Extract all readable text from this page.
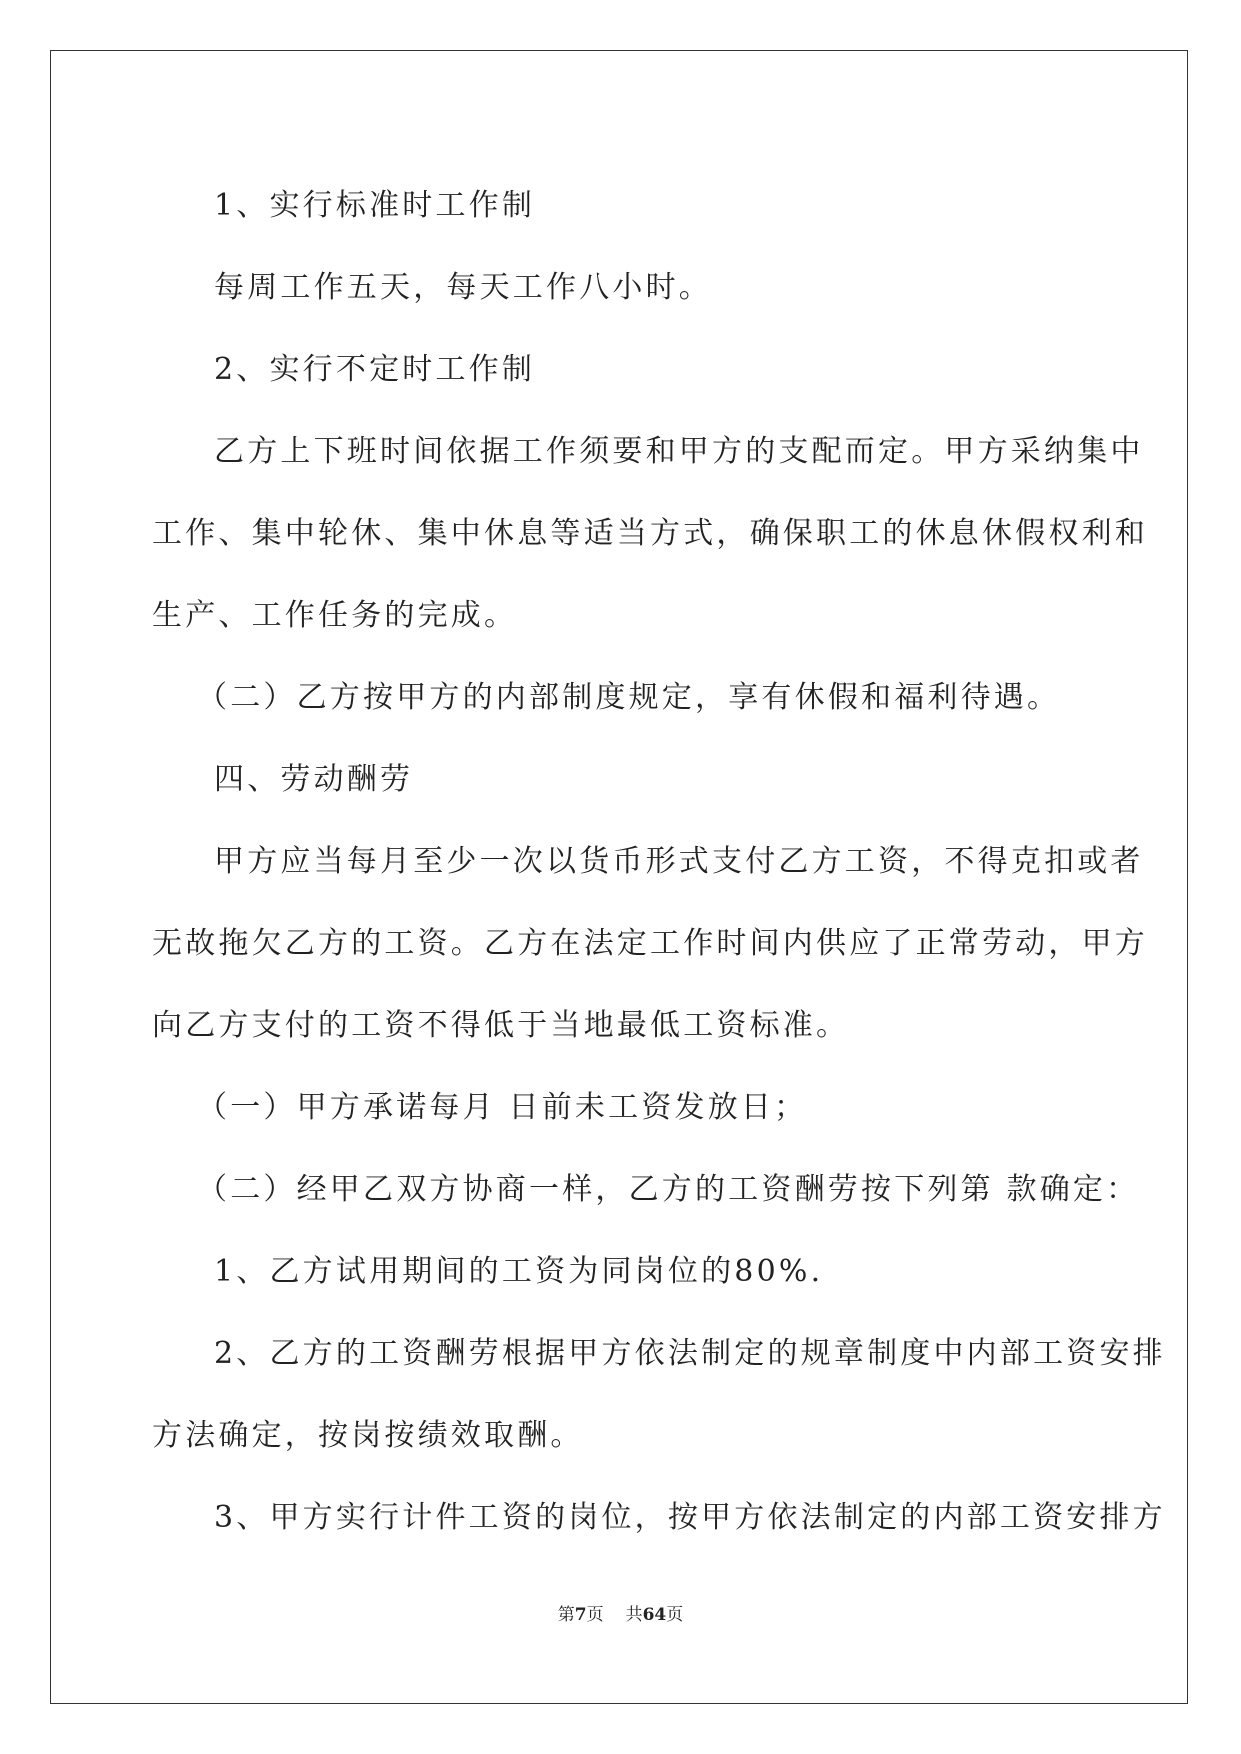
1、实行标准时工作制

每周工作五天，每天工作八小时。

2、实行不定时工作制

乙方上下班时间依据工作须要和甲方的支配而定。甲方采纳集中

工作、集中轮休、集中休息等适当方式，确保职工的休息休假权利和

生产、工作任务的完成。

（二）乙方按甲方的内部制度规定，享有休假和福利待遇。

四、劳动酬劳

甲方应当每月至少一次以货币形式支付乙方工资，不得克扣或者

无故拖欠乙方的工资。乙方在法定工作时间内供应了正常劳动，甲方

向乙方支付的工资不得低于当地最低工资标准。

（一）甲方承诺每月 日前未工资发放日；

（二）经甲乙双方协商一样，乙方的工资酬劳按下列第 款确定：

1、乙方试用期间的工资为同岗位的80%.

2、乙方的工资酬劳根据甲方依法制定的规章制度中内部工资安排

方法确定，按岗按绩效取酬。

3、甲方实行计件工资的岗位，按甲方依法制定的内部工资安排方

第7页 共64页
